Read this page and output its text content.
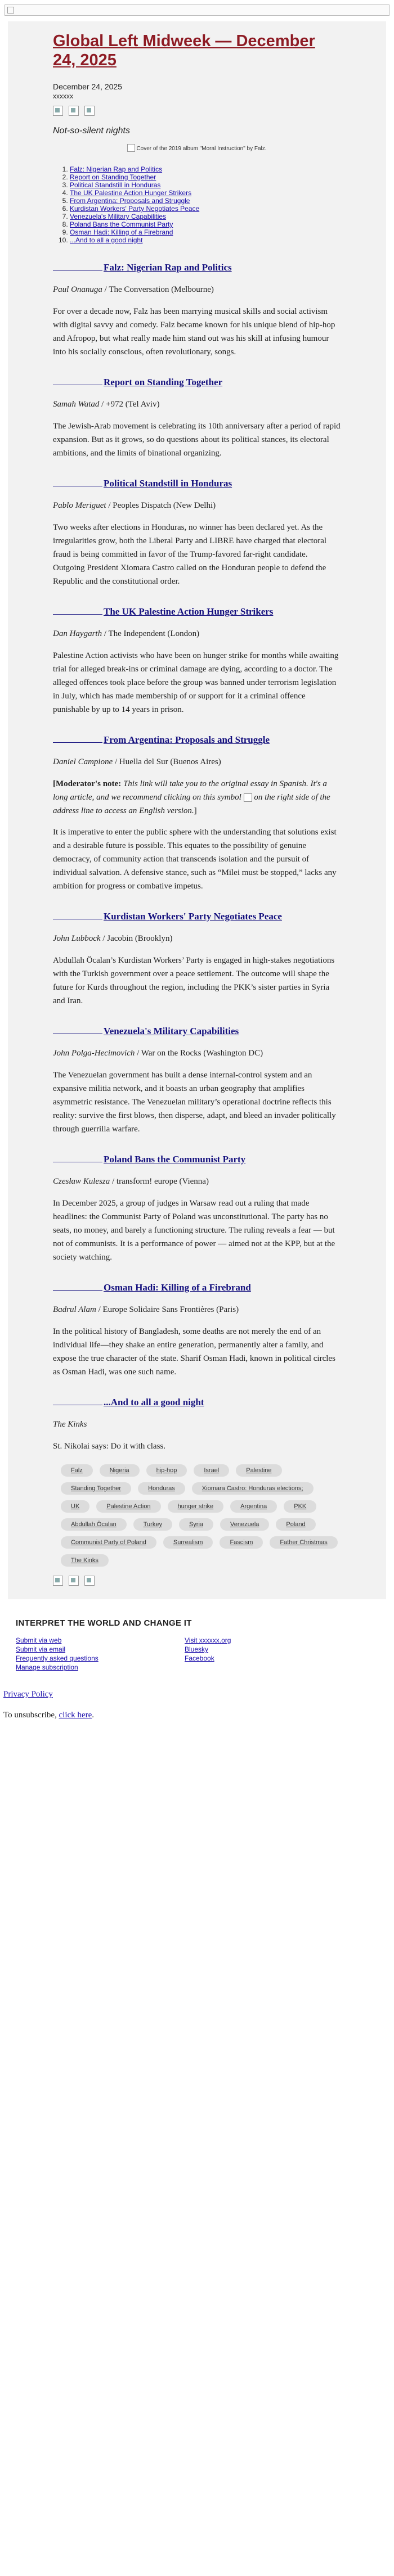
Global Left Midweek — December 24, 2025

December 24, 2025

xxxxxx

Not-so-silent nights

Cover of the 2019 album "Moral Instruction" by Falz.
1. Falz: Nigerian Rap and Politics
2. Report on Standing Together
3. Political Standstill in Honduras
4. The UK Palestine Action Hunger Strikers
5. From Argentina: Proposals and Struggle
6. Kurdistan Workers' Party Negotiates Peace
7. Venezuela's Military Capabilities
8. Poland Bans the Communist Party
9. Osman Hadi: Killing of a Firebrand
10. ...And to all a good night
Falz: Nigerian Rap and Politics

Paul Onanuga / The Conversation (Melbourne)

For over a decade now, Falz has been marrying musical skills and social activism with digital savvy and comedy. Falz became known for his unique blend of hip-hop and Afropop, but what really made him stand out was his skill at infusing humour into his socially conscious, often revolutionary, songs.

Report on Standing Together

Samah Watad / +972 (Tel Aviv)

The Jewish-Arab movement is celebrating its 10th anniversary after a period of rapid expansion. But as it grows, so do questions about its political stances, its electoral ambitions, and the limits of binational organizing.

Political Standstill in Honduras

Pablo Meriguet / Peoples Dispatch (New Delhi)

Two weeks after elections in Honduras, no winner has been declared yet. As the irregularities grow, both the Liberal Party and LIBRE have charged that electoral fraud is being committed in favor of the Trump-favored far-right candidate. Outgoing President Xiomara Castro called on the Honduran people to defend the Republic and the constitutional order.

The UK Palestine Action Hunger Strikers

Dan Haygarth / The Independent (London)

Palestine Action activists who have been on hunger strike for months while awaiting trial for alleged break-ins or criminal damage are dying, according to a doctor. The alleged offences took place before the group was banned under terrorism legislation in July, which has made membership of or support for it a criminal offence punishable by up to 14 years in prison.

From Argentina: Proposals and Struggle

Daniel Campione / Huella del Sur (Buenos Aires)

[Moderator's note: This link will take you to the original essay in Spanish. It's a long article, and we recommend clicking on this symbol  on the right side of the address line to access an English version.]

It is imperative to enter the public sphere with the understanding that solutions exist and a desirable future is possible. This equates to the possibility of genuine democracy, of community action that transcends isolation and the pursuit of individual salvation. A defensive stance, such as “Milei must be stopped,” lacks any ambition for progress or combative impetus.

Kurdistan Workers' Party Negotiates Peace

John Lubbock / Jacobin (Brooklyn)

Abdullah Öcalan’s Kurdistan Workers’ Party is engaged in high-stakes negotiations with the Turkish government over a peace settlement. The outcome will shape the future for Kurds throughout the region, including the PKK’s sister parties in Syria and Iran.

Venezuela's Military Capabilities

John Polga-Hecimovich / War on the Rocks (Washington DC)

The Venezuelan government has built a dense internal-control system and an expansive militia network, and it boasts an urban geography that amplifies asymmetric resistance. The Venezuelan military’s operational doctrine reflects this reality: survive the first blows, then disperse, adapt, and bleed an invader politically through guerrilla warfare.

Poland Bans the Communist Party

Czesław Kulesza / transform! europe (Vienna)

In December 2025, a group of judges in Warsaw read out a ruling that made headlines: the Communist Party of Poland was unconstitutional. The party has no seats, no money, and barely a functioning structure. The ruling reveals a fear — but not of communists. It is a performance of power — aimed not at the KPP, but at the society watching.

Osman Hadi: Killing of a Firebrand

Badrul Alam / Europe Solidaire Sans Frontières (Paris)

In the political history of Bangladesh, some deaths are not merely the end of an individual life—they shake an entire generation, permanently alter a family, and expose the true character of the state. Sharif Osman Hadi, known in political circles as Osman Hadi, was one such name.

...And to all a good night

The Kinks

St. Nikolai says: Do it with class.

Falz	Nigeria	hip-hop	Israel	Palestine
Standing Together	Honduras	Xiomara Castro: Honduras elections;
UK	Palestine Action	hunger strike	Argentina	PKK
Abdullah Öcalan	Turkey	Syria	Venezuela	Poland
Communist Party of Poland	Surrealism	Fascism	Father Christmas
The Kinks
INTERPRET THE WORLD AND CHANGE IT
Submit via web
Submit via email
Frequently asked questions
Manage subscription
Visit xxxxxx.org
Bluesky
Facebook

Privacy Policy

To unsubscribe, click here.
